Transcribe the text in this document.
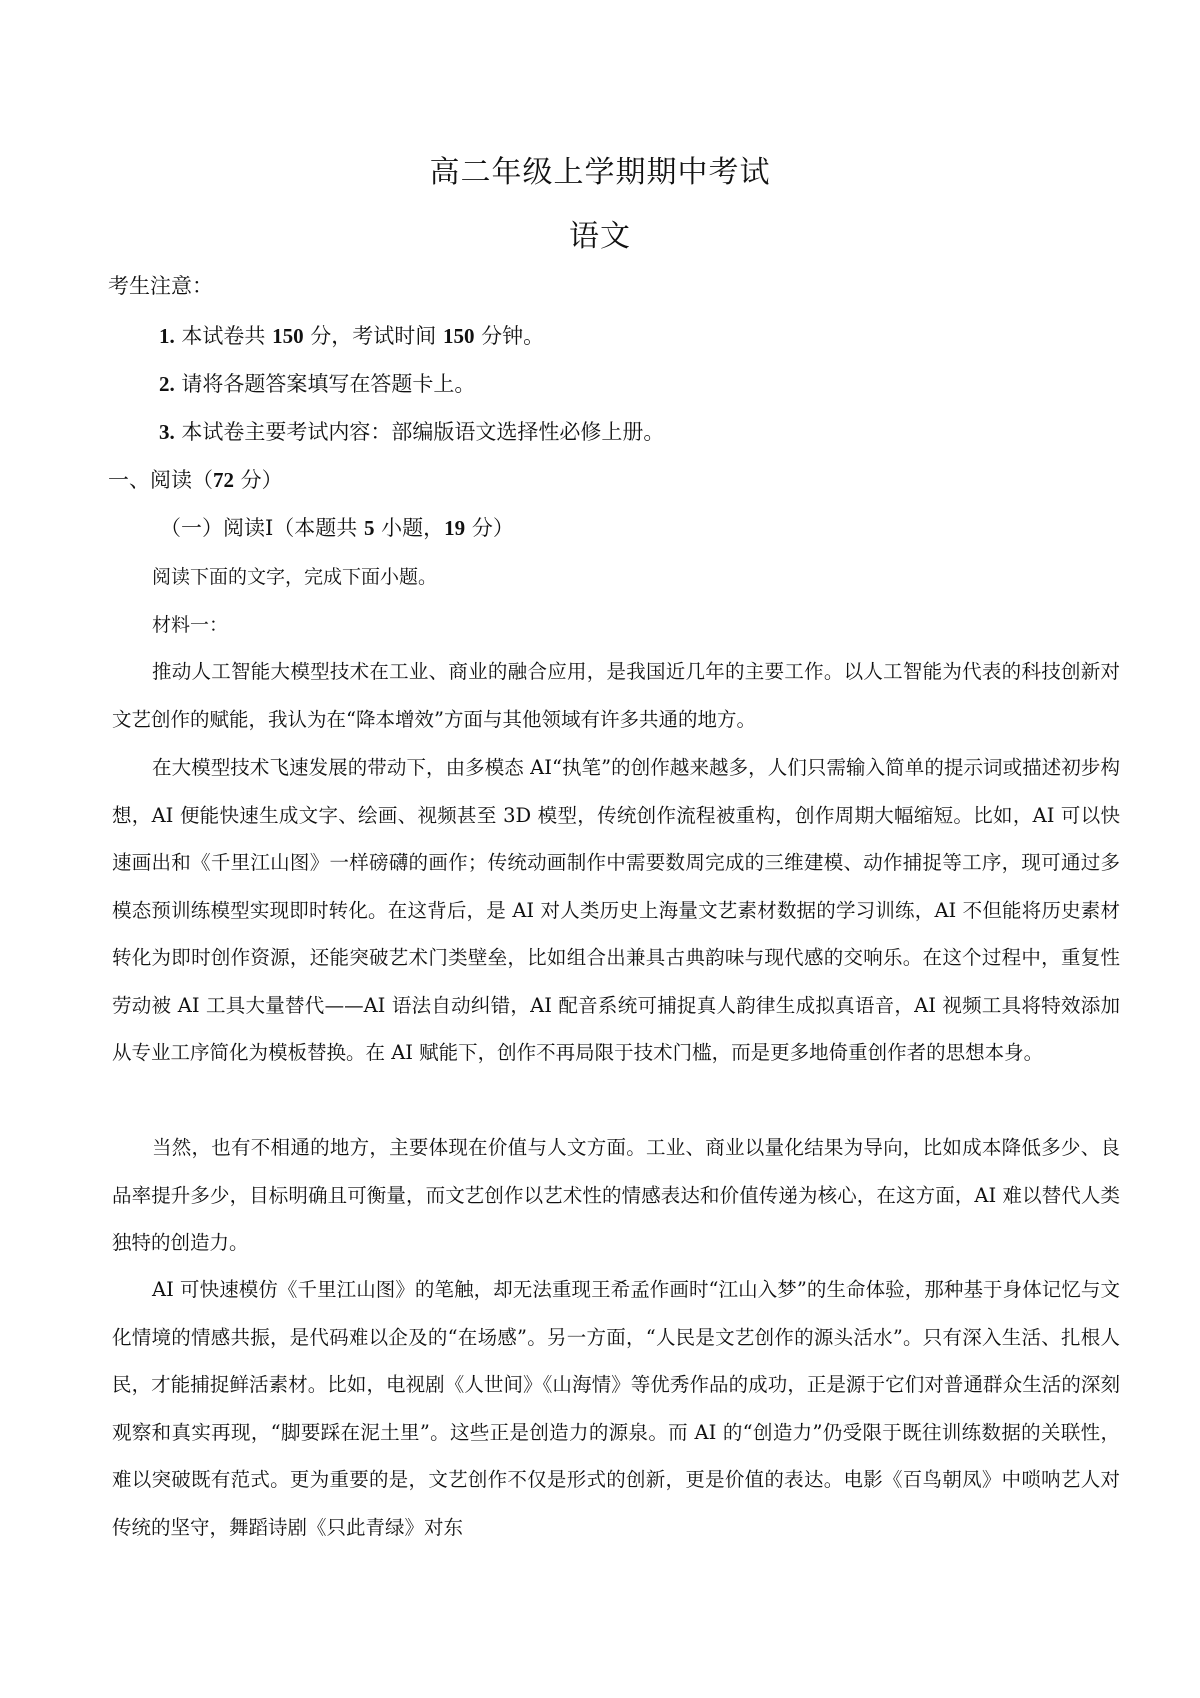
高二年级上学期期中考试
语文
考生注意：
1. 本试卷共 150 分，考试时间 150 分钟。
2. 请将各题答案填写在答题卡上。
3. 本试卷主要考试内容：部编版语文选择性必修上册。
一、阅读（72 分）
（一）阅读Ⅰ（本题共 5 小题，19 分）
阅读下面的文字，完成下面小题。
材料一：

推动人工智能大模型技术在工业、商业的融合应用，是我国近几年的主要工作。以人工智能为代表的科技创新对文艺创作的赋能，我认为在“降本增效”方面与其他领域有许多共通的地方。

在大模型技术飞速发展的带动下，由多模态 AI“执笔”的创作越来越多，人们只需输入简单的提示词或描述初步构想，AI 便能快速生成文字、绘画、视频甚至 3D 模型，传统创作流程被重构，创作周期大幅缩短。比如，AI 可以快速画出和《千里江山图》一样磅礴的画作；传统动画制作中需要数周完成的三维建模、动作捕捉等工序，现可通过多模态预训练模型实现即时转化。在这背后，是 AI 对人类历史上海量文艺素材数据的学习训练，AI 不但能将历史素材转化为即时创作资源，还能突破艺术门类壁垒，比如组合出兼具古典韵味与现代感的交响乐。在这个过程中，重复性劳动被 AI 工具大量替代——AI 语法自动纠错，AI 配音系统可捕捉真人韵律生成拟真语音，AI 视频工具将特效添加从专业工序简化为模板替换。在 AI 赋能下，创作不再局限于技术门槛，而是更多地倚重创作者的思想本身。

当然，也有不相通的地方，主要体现在价值与人文方面。工业、商业以量化结果为导向，比如成本降低多少、良品率提升多少，目标明确且可衡量，而文艺创作以艺术性的情感表达和价值传递为核心，在这方面，AI 难以替代人类独特的创造力。

AI 可快速模仿《千里江山图》的笔触，却无法重现王希孟作画时“江山入梦”的生命体验，那种基于身体记忆与文化情境的情感共振，是代码难以企及的“在场感”。另一方面，“人民是文艺创作的源头活水”。只有深入生活、扎根人民，才能捕捉鲜活素材。比如，电视剧《人世间》《山海情》等优秀作品的成功，正是源于它们对普通群众生活的深刻观察和真实再现，“脚要踩在泥土里”。这些正是创造力的源泉。而 AI 的“创造力”仍受限于既往训练数据的关联性，难以突破既有范式。更为重要的是，文艺创作不仅是形式的创新，更是价值的表达。电影《百鸟朝凤》中唢呐艺人对传统的坚守，舞蹈诗剧《只此青绿》对东
